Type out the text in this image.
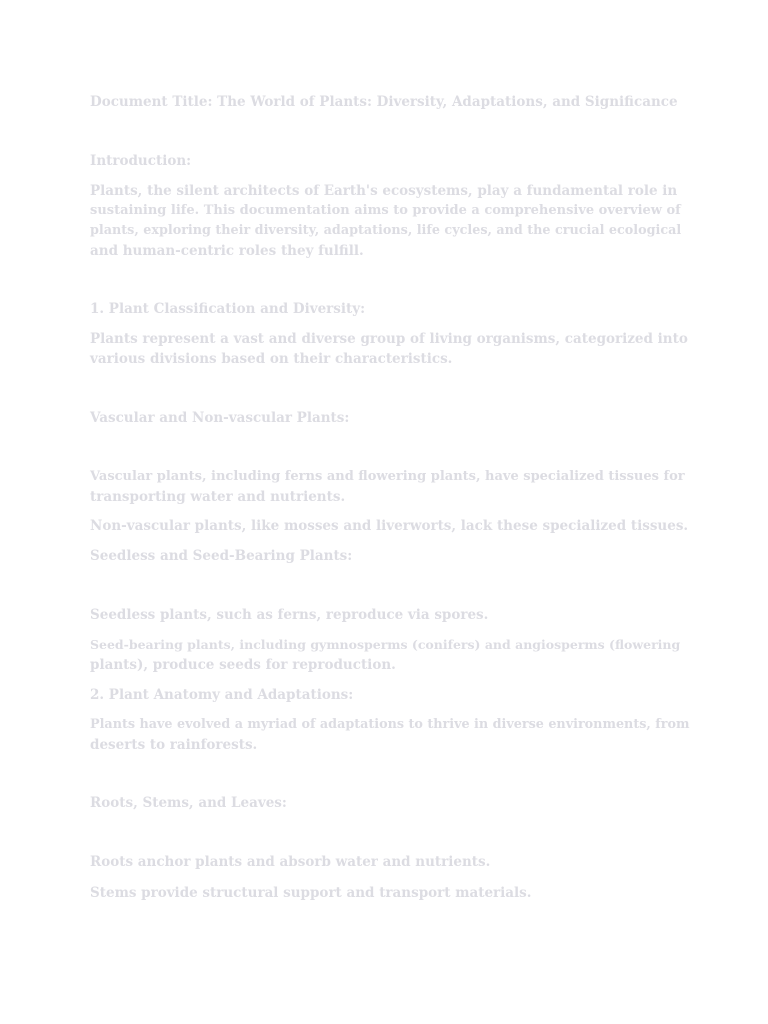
Document Title: The World of Plants: Diversity, Adaptations, and Significance

Introduction:

Plants, the silent architects of Earth's ecosystems, play a fundamental role in

sustaining life. This documentation aims to provide a comprehensive overview of

plants, exploring their diversity, adaptations, life cycles, and the crucial ecological

and human-centric roles they fulfill.

1. Plant Classification and Diversity:

Plants represent a vast and diverse group of living organisms, categorized into

various divisions based on their characteristics.

Vascular and Non-vascular Plants:

Vascular plants, including ferns and flowering plants, have specialized tissues for

transporting water and nutrients.

Non-vascular plants, like mosses and liverworts, lack these specialized tissues.

Seedless and Seed-Bearing Plants:

Seedless plants, such as ferns, reproduce via spores.

Seed-bearing plants, including gymnosperms (conifers) and angiosperms (flowering

plants), produce seeds for reproduction.

2. Plant Anatomy and Adaptations:

Plants have evolved a myriad of adaptations to thrive in diverse environments, from

deserts to rainforests.

Roots, Stems, and Leaves:

Roots anchor plants and absorb water and nutrients.

Stems provide structural support and transport materials.
